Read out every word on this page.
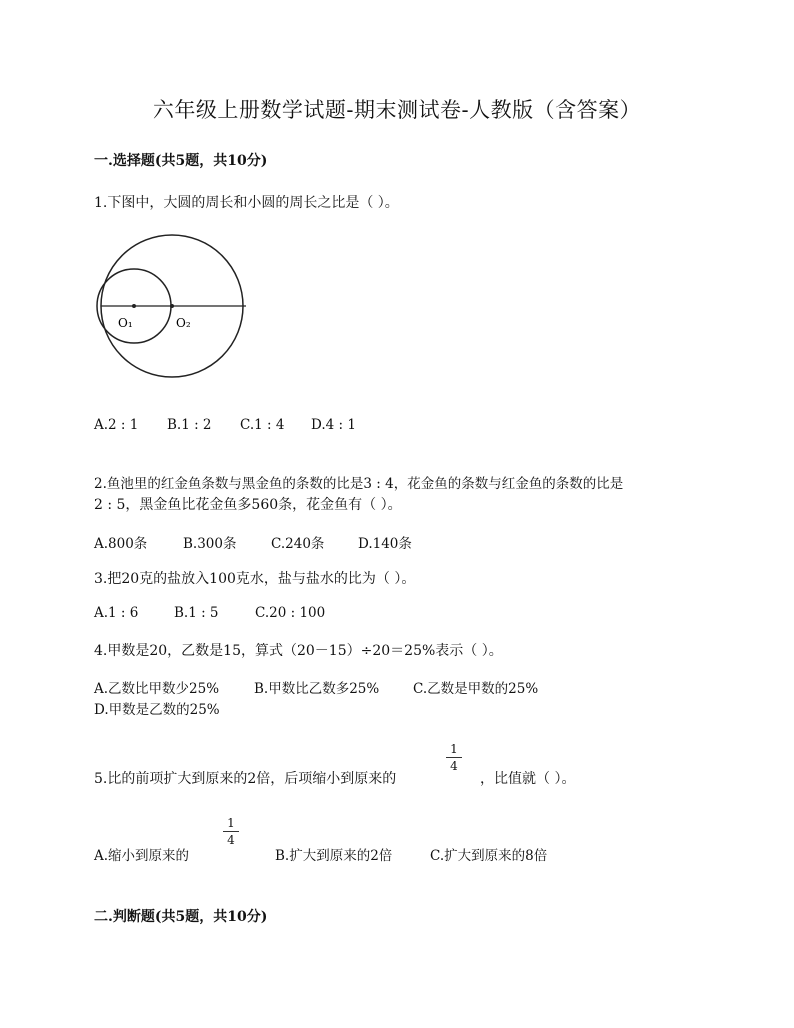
六年级上册数学试题-期末测试卷-人教版（含答案）
一.选择题(共5题，共10分)
1.下图中，大圆的周长和小圆的周长之比是（ ）。
O₁	O₂
A.2 : 1 B.1 : 2 C.1 : 4 D.4 : 1
2.鱼池里的红金鱼条数与黑金鱼的条数的比是3 : 4，花金鱼的条数与红金鱼的条数的比是
2 : 5，黑金鱼比花金鱼多560条，花金鱼有（ ）。
A.800条	B.300条	C.240条 D.140条
3.把20克的盐放入100克水，盐与盐水的比为（ ）。
A.1 : 6	B.1 : 5	C.20 : 100
4.甲数是20，乙数是15，算式（20－15）÷20＝25%表示（ ）。
A.乙数比甲数少25%	B.甲数比乙数多25%	C.乙数是甲数的25%
D.甲数是乙数的25%
5.比的前项扩大到原来的2倍，后项缩小到原来的
1
4
，比值就（ ）。
A.缩小到原来的
1
4
B.扩大到原来的2倍	C.扩大到原来的8倍
二.判断题(共5题，共10分)
